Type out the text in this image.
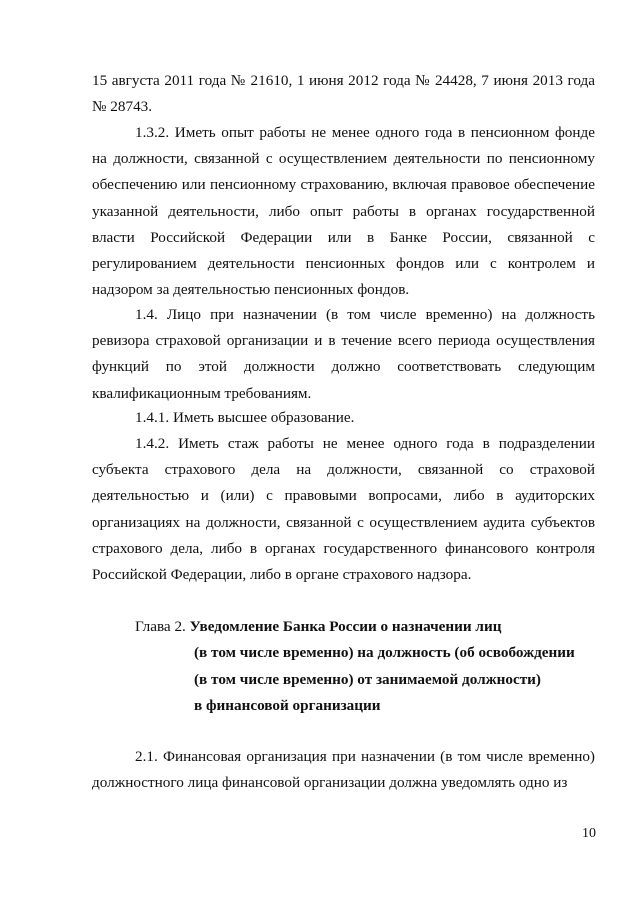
15 августа 2011 года № 21610, 1 июня 2012 года № 24428, 7 июня 2013 года № 28743.

1.3.2. Иметь опыт работы не менее одного года в пенсионном фонде на должности, связанной с осуществлением деятельности по пенсионному обеспечению или пенсионному страхованию, включая правовое обеспечение указанной деятельности, либо опыт работы в органах государственной власти Российской Федерации или в Банке России, связанной с регулированием деятельности пенсионных фондов или с контролем и надзором за деятельностью пенсионных фондов.

1.4. Лицо при назначении (в том числе временно) на должность ревизора страховой организации и в течение всего периода осуществления функций по этой должности должно соответствовать следующим квалификационным требованиям.

1.4.1. Иметь высшее образование.

1.4.2. Иметь стаж работы не менее одного года в подразделении субъекта страхового дела на должности, связанной со страховой деятельностью и (или) с правовыми вопросами, либо в аудиторских организациях на должности, связанной с осуществлением аудита субъектов страхового дела, либо в органах государственного финансового контроля Российской Федерации, либо в органе страхового надзора.

Глава 2. Уведомление Банка России о назначении лиц
(в том числе временно) на должность (об освобождении
(в том числе временно) от занимаемой должности)
в финансовой организации

2.1. Финансовая организация при назначении (в том числе временно) должностного лица финансовой организации должна уведомлять одно из

10
